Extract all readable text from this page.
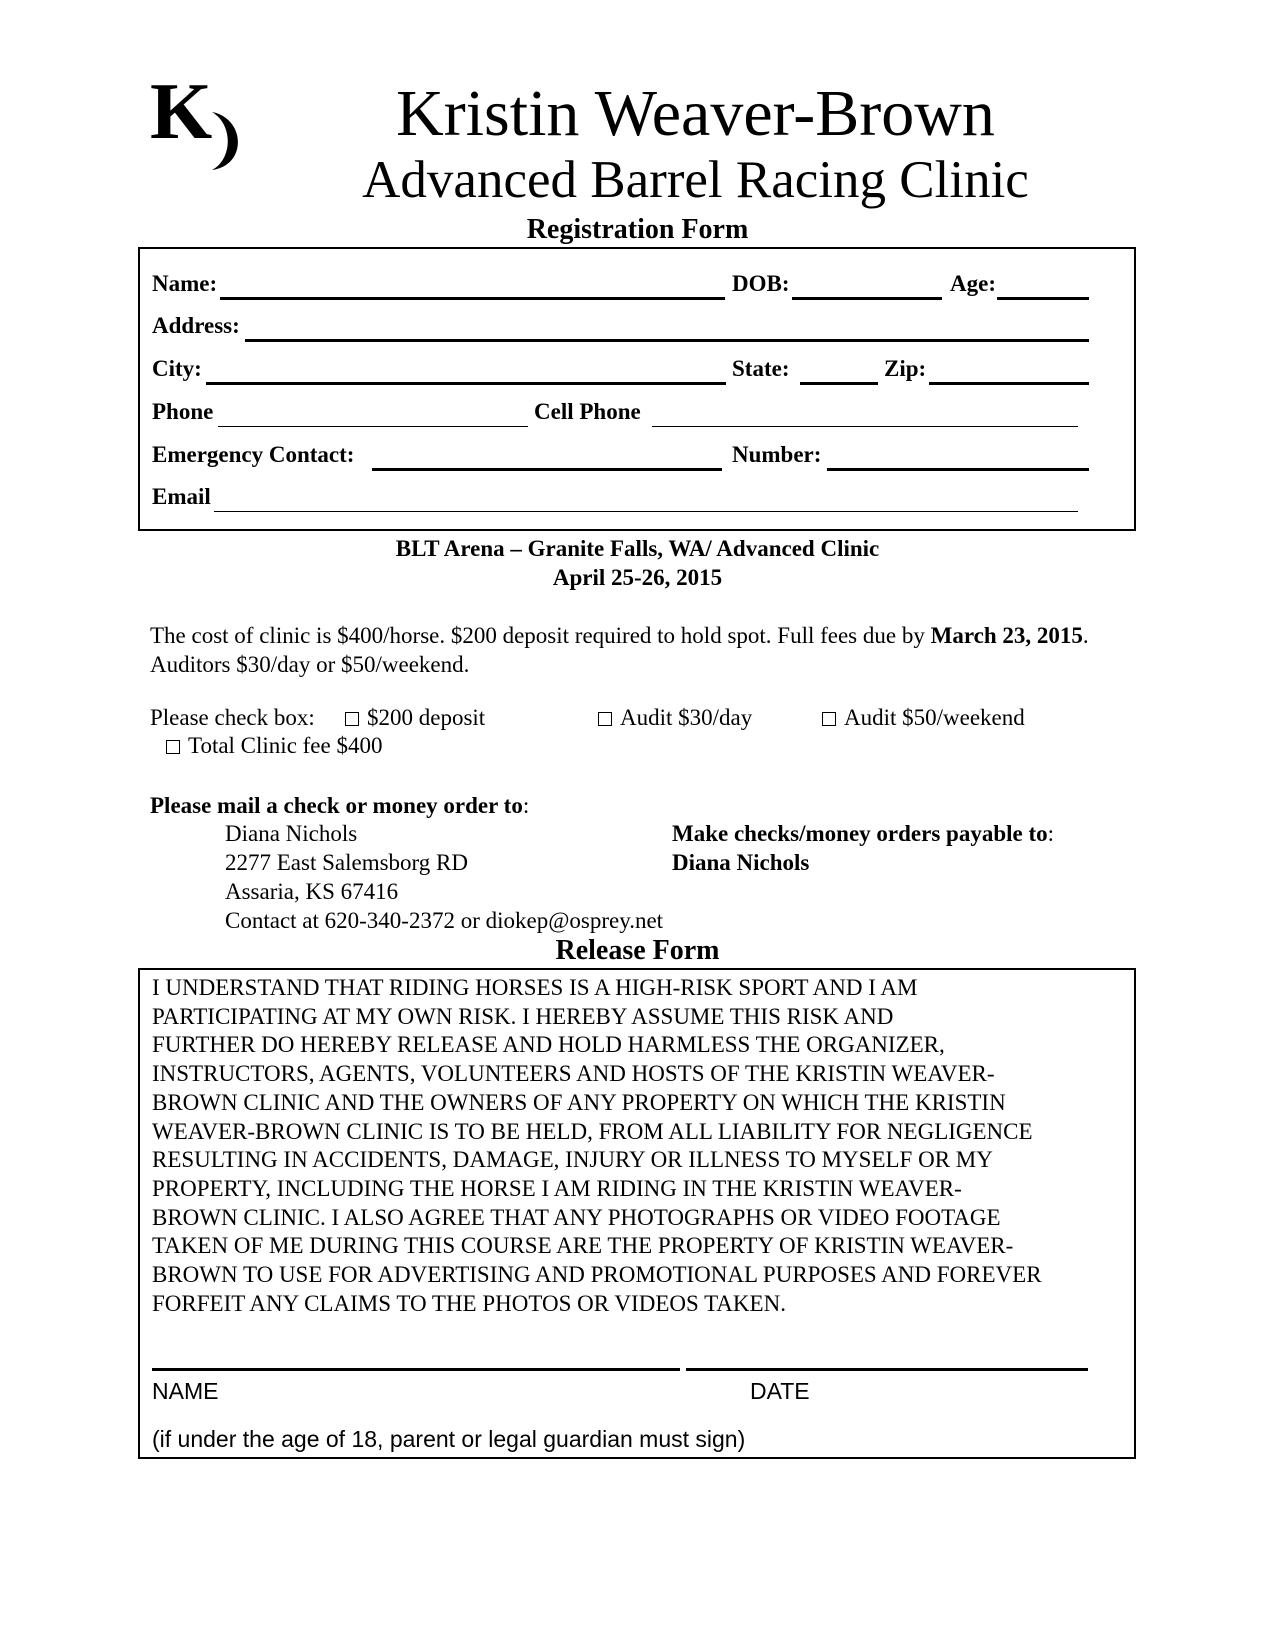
K	Kristin Weaver-Brown
Advanced Barrel Racing Clinic
Registration Form
Name:	DOB:	Age:
Address:
City:	State:	Zip:
Phone	Cell Phone
Emergency Contact:	Number:
Email
BLT Arena – Granite Falls, WA/ Advanced Clinic
April 25-26, 2015
The cost of clinic is $400/horse. $200 deposit required to hold spot. Full fees due by March 23, 2015. Auditors $30/day or $50/weekend.
Please check box:	$200 deposit	Audit $30/day	Audit $50/weekend
Total Clinic fee $400
Please mail a check or money order to:
Diana Nichols
2277 East Salemsborg RD
Assaria, KS 67416
Contact at 620-340-2372 or diokep@osprey.net
Make checks/money orders payable to:
Diana Nichols
Release Form
I UNDERSTAND THAT RIDING HORSES IS A HIGH-RISK SPORT AND I AM
PARTICIPATING AT MY OWN RISK. I HEREBY ASSUME THIS RISK AND
FURTHER DO HEREBY RELEASE AND HOLD HARMLESS THE ORGANIZER,
INSTRUCTORS, AGENTS, VOLUNTEERS AND HOSTS OF THE KRISTIN WEAVER-
BROWN CLINIC AND THE OWNERS OF ANY PROPERTY ON WHICH THE KRISTIN
WEAVER-BROWN CLINIC IS TO BE HELD, FROM ALL LIABILITY FOR NEGLIGENCE
RESULTING IN ACCIDENTS, DAMAGE, INJURY OR ILLNESS TO MYSELF OR MY
PROPERTY, INCLUDING THE HORSE I AM RIDING IN THE KRISTIN WEAVER-
BROWN CLINIC. I ALSO AGREE THAT ANY PHOTOGRAPHS OR VIDEO FOOTAGE
TAKEN OF ME DURING THIS COURSE ARE THE PROPERTY OF KRISTIN WEAVER-
BROWN TO USE FOR ADVERTISING AND PROMOTIONAL PURPOSES AND FOREVER
FORFEIT ANY CLAIMS TO THE PHOTOS OR VIDEOS TAKEN.
NAME	DATE
(if under the age of 18, parent or legal guardian must sign)
